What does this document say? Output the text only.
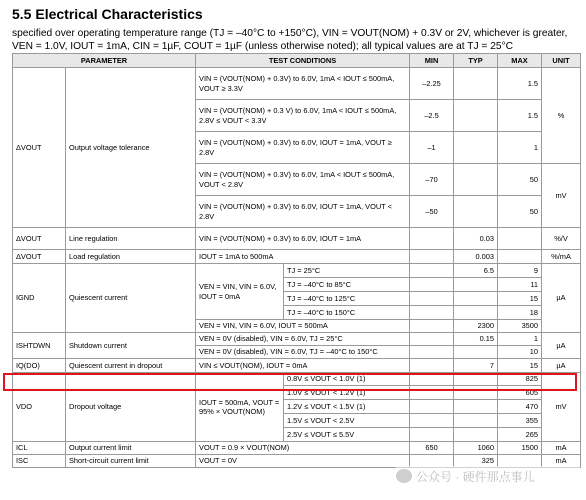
5.5 Electrical Characteristics
specified over operating temperature range (TJ = –40°C to +150°C), VIN = VOUT(NOM) + 0.3V or 2V, whichever is greater, VEN = 1.0V, IOUT = 1mA, CIN = 1µF, COUT = 1µF (unless otherwise noted); all typical values are at TJ = 25°C
PARAMETER		TEST CONDITIONS		MIN	TYP	MAX	UNIT
ΔVOUT	Output voltage tolerance	VIN = (VOUT(NOM) + 0.3V) to 6.0V, 1mA < IOUT ≤ 500mA, VOUT ≥ 3.3V		–2.25		1.5	%
		VIN = (VOUT(NOM) + 0.3 V) to 6.0V, 1mA < IOUT ≤ 500mA, 2.8V ≤ VOUT < 3.3V		–2.5		1.5	
		VIN = (VOUT(NOM) + 0.3V) to 6.0V, IOUT = 1mA, VOUT ≥ 2.8V		–1		1	
		VIN = (VOUT(NOM) + 0.3V) to 6.0V, 1mA < IOUT ≤ 500mA, VOUT < 2.8V		–70		50	mV
		VIN = (VOUT(NOM) + 0.3V) to 6.0V, IOUT = 1mA, VOUT < 2.8V		–50		50	
ΔVOUT	Line regulation	VIN = (VOUT(NOM) + 0.3V) to 6.0V, IOUT = 1mA			0.03		%/V
ΔVOUT	Load regulation	IOUT = 1mA to 500mA			0.003		%/mA
IGND	Quiescent current	VEN = VIN, VIN = 6.0V, IOUT = 0mA	TJ = 25°C		6.5	9	µA
			TJ = –40°C to 85°C			11	
			TJ = –40°C to 125°C			15	
			TJ = –40°C to 150°C			18	
		VEN = VIN, VIN = 6.0V, IOUT = 500mA			2300	3500	
ISHTDWN	Shutdown current	VEN = 0V (disabled), VIN = 6.0V, TJ = 25°C			0.15	1	µA
		VEN = 0V (disabled), VIN = 6.0V, TJ = –40°C to 150°C				10	
IQ(DO)	Quiescent current in dropout	VIN ≤ VOUT(NOM), IOUT = 0mA			7	15	µA
VDO	Dropout voltage	IOUT = 500mA, VOUT = 95% × VOUT(NOM)	0.8V ≤ VOUT < 1.0V (1)			825	mV
			1.0V ≤ VOUT < 1.2V (1)			605	
			1.2V ≤ VOUT < 1.5V (1)			470	
			1.5V ≤ VOUT < 2.5V			355	
			2.5V ≤ VOUT ≤ 5.5V			265	
ICL	Output current limit	VOUT = 0.9 × VOUT(NOM)		650	1060	1500	mA
ISC	Short-circuit current limit	VOUT = 0V			325		mA
公众号 · 硬件那点事儿
